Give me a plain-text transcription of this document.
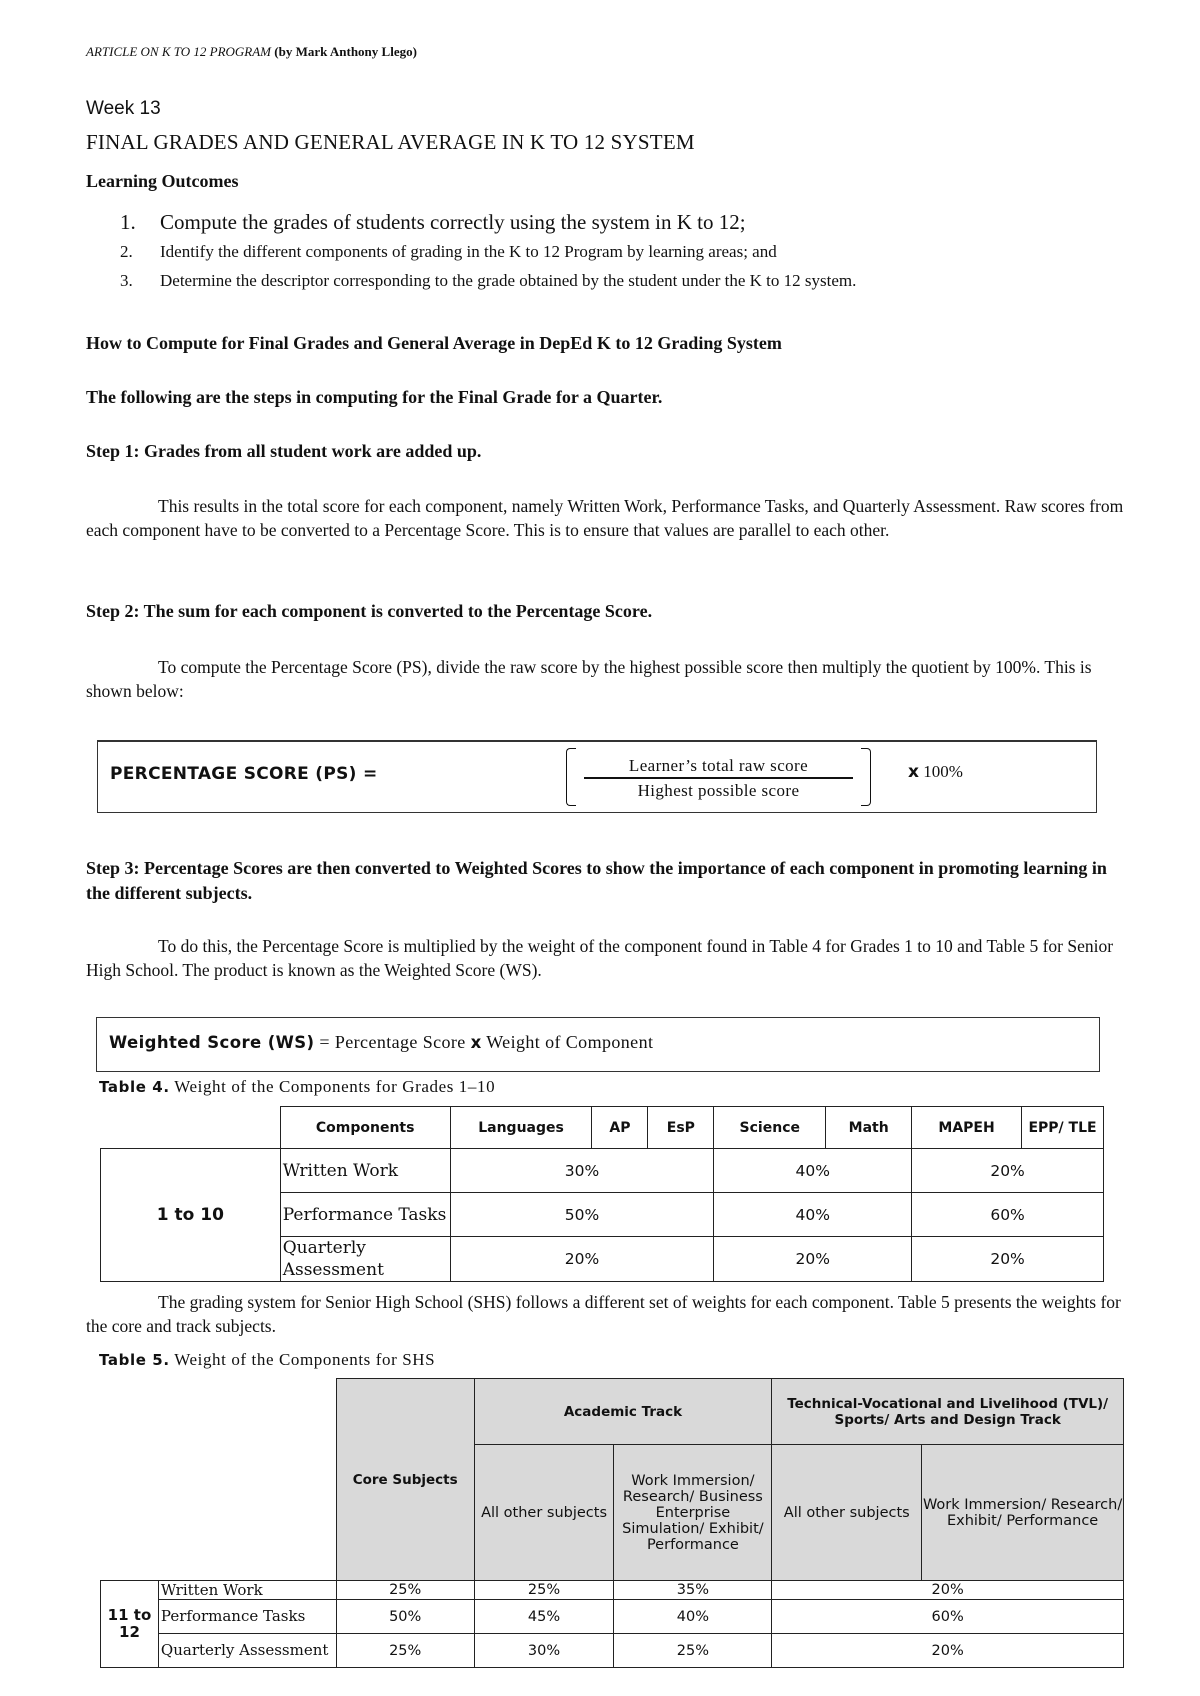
ARTICLE ON K TO 12 PROGRAM (by Mark Anthony Llego)
Week 13
FINAL GRADES AND GENERAL AVERAGE IN K TO 12 SYSTEM
Learning Outcomes
1. Compute the grades of students correctly using the system in K to 12;
2. Identify the different components of grading in the K to 12 Program by learning areas; and
3. Determine the descriptor corresponding to the grade obtained by the student under the K to 12 system.
How to Compute for Final Grades and General Average in DepEd K to 12 Grading System
The following are the steps in computing for the Final Grade for a Quarter.
Step 1: Grades from all student work are added up.

This results in the total score for each component, namely Written Work, Performance Tasks, and Quarterly Assessment. Raw scores from each component have to be converted to a Percentage Score. This is to ensure that values are parallel to each other.

Step 2: The sum for each component is converted to the Percentage Score.

To compute the Percentage Score (PS), divide the raw score by the highest possible score then multiply the quotient by 100%. This is shown below:

PERCENTAGE SCORE (PS) =	Learner’s total raw score
Highest possible score
x 100%
Step 3: Percentage Scores are then converted to Weighted Scores to show the importance of each component in promoting learning in the different subjects.

To do this, the Percentage Score is multiplied by the weight of the component found in Table 4 for Grades 1 to 10 and Table 5 for Senior High School. The product is known as the Weighted Score (WS).

Weighted Score (WS) = Percentage Score x Weight of Component
Table 4. Weight of the Components for Grades 1–10
	Components	Languages	AP	EsP	Science	Math	MAPEH	EPP/ TLE
1 to 10	Written Work	30%			40%		20%	
	Performance Tasks	50%			40%		60%	
	Quarterly Assessment	20%			20%		20%	

The grading system for Senior High School (SHS) follows a different set of weights for each component. Table 5 presents the weights for the core and track subjects.

Table 5. Weight of the Components for SHS
		Core Subjects	Academic Track		Technical-Vocational and Livelihood (TVL)/ Sports/ Arts and Design Track	
			All other subjects	Work Immersion/ Research/ Business Enterprise Simulation/ Exhibit/ Performance	All other subjects	Work Immersion/ Research/ Exhibit/ Performance
11 to 12	Written Work	25%	25%	35%	20%	
	Performance Tasks	50%	45%	40%	60%	
	Quarterly Assessment	25%	30%	25%	20%	
